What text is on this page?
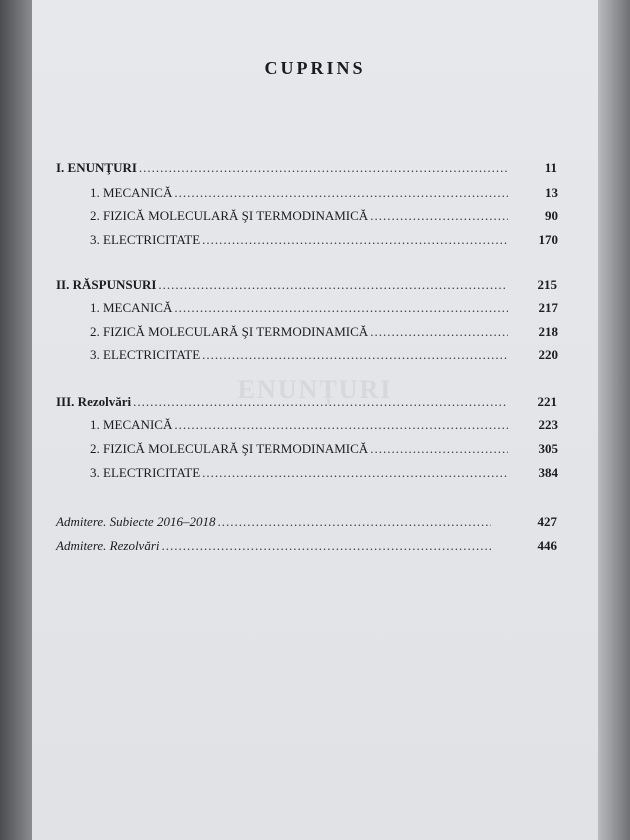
ENUNȚURI
CUPRINS
I. ENUNŢURI .....	11
1. MECANICĂ .....	13
2. FIZICĂ MOLECULARĂ ŞI TERMODINAMICĂ .....	90
3. ELECTRICITATE .....	170
II. RĂSPUNSURI .....	215
1. MECANICĂ .....	217
2. FIZICĂ MOLECULARĂ ŞI TERMODINAMICĂ .....	218
3. ELECTRICITATE .....	220
III. Rezolvări .....	221
1. MECANICĂ .....	223
2. FIZICĂ MOLECULARĂ ŞI TERMODINAMICĂ .....	305
3. ELECTRICITATE .....	384
Admitere. Subiecte 2016–2018 .....	427
Admitere. Rezolvări .....	446
